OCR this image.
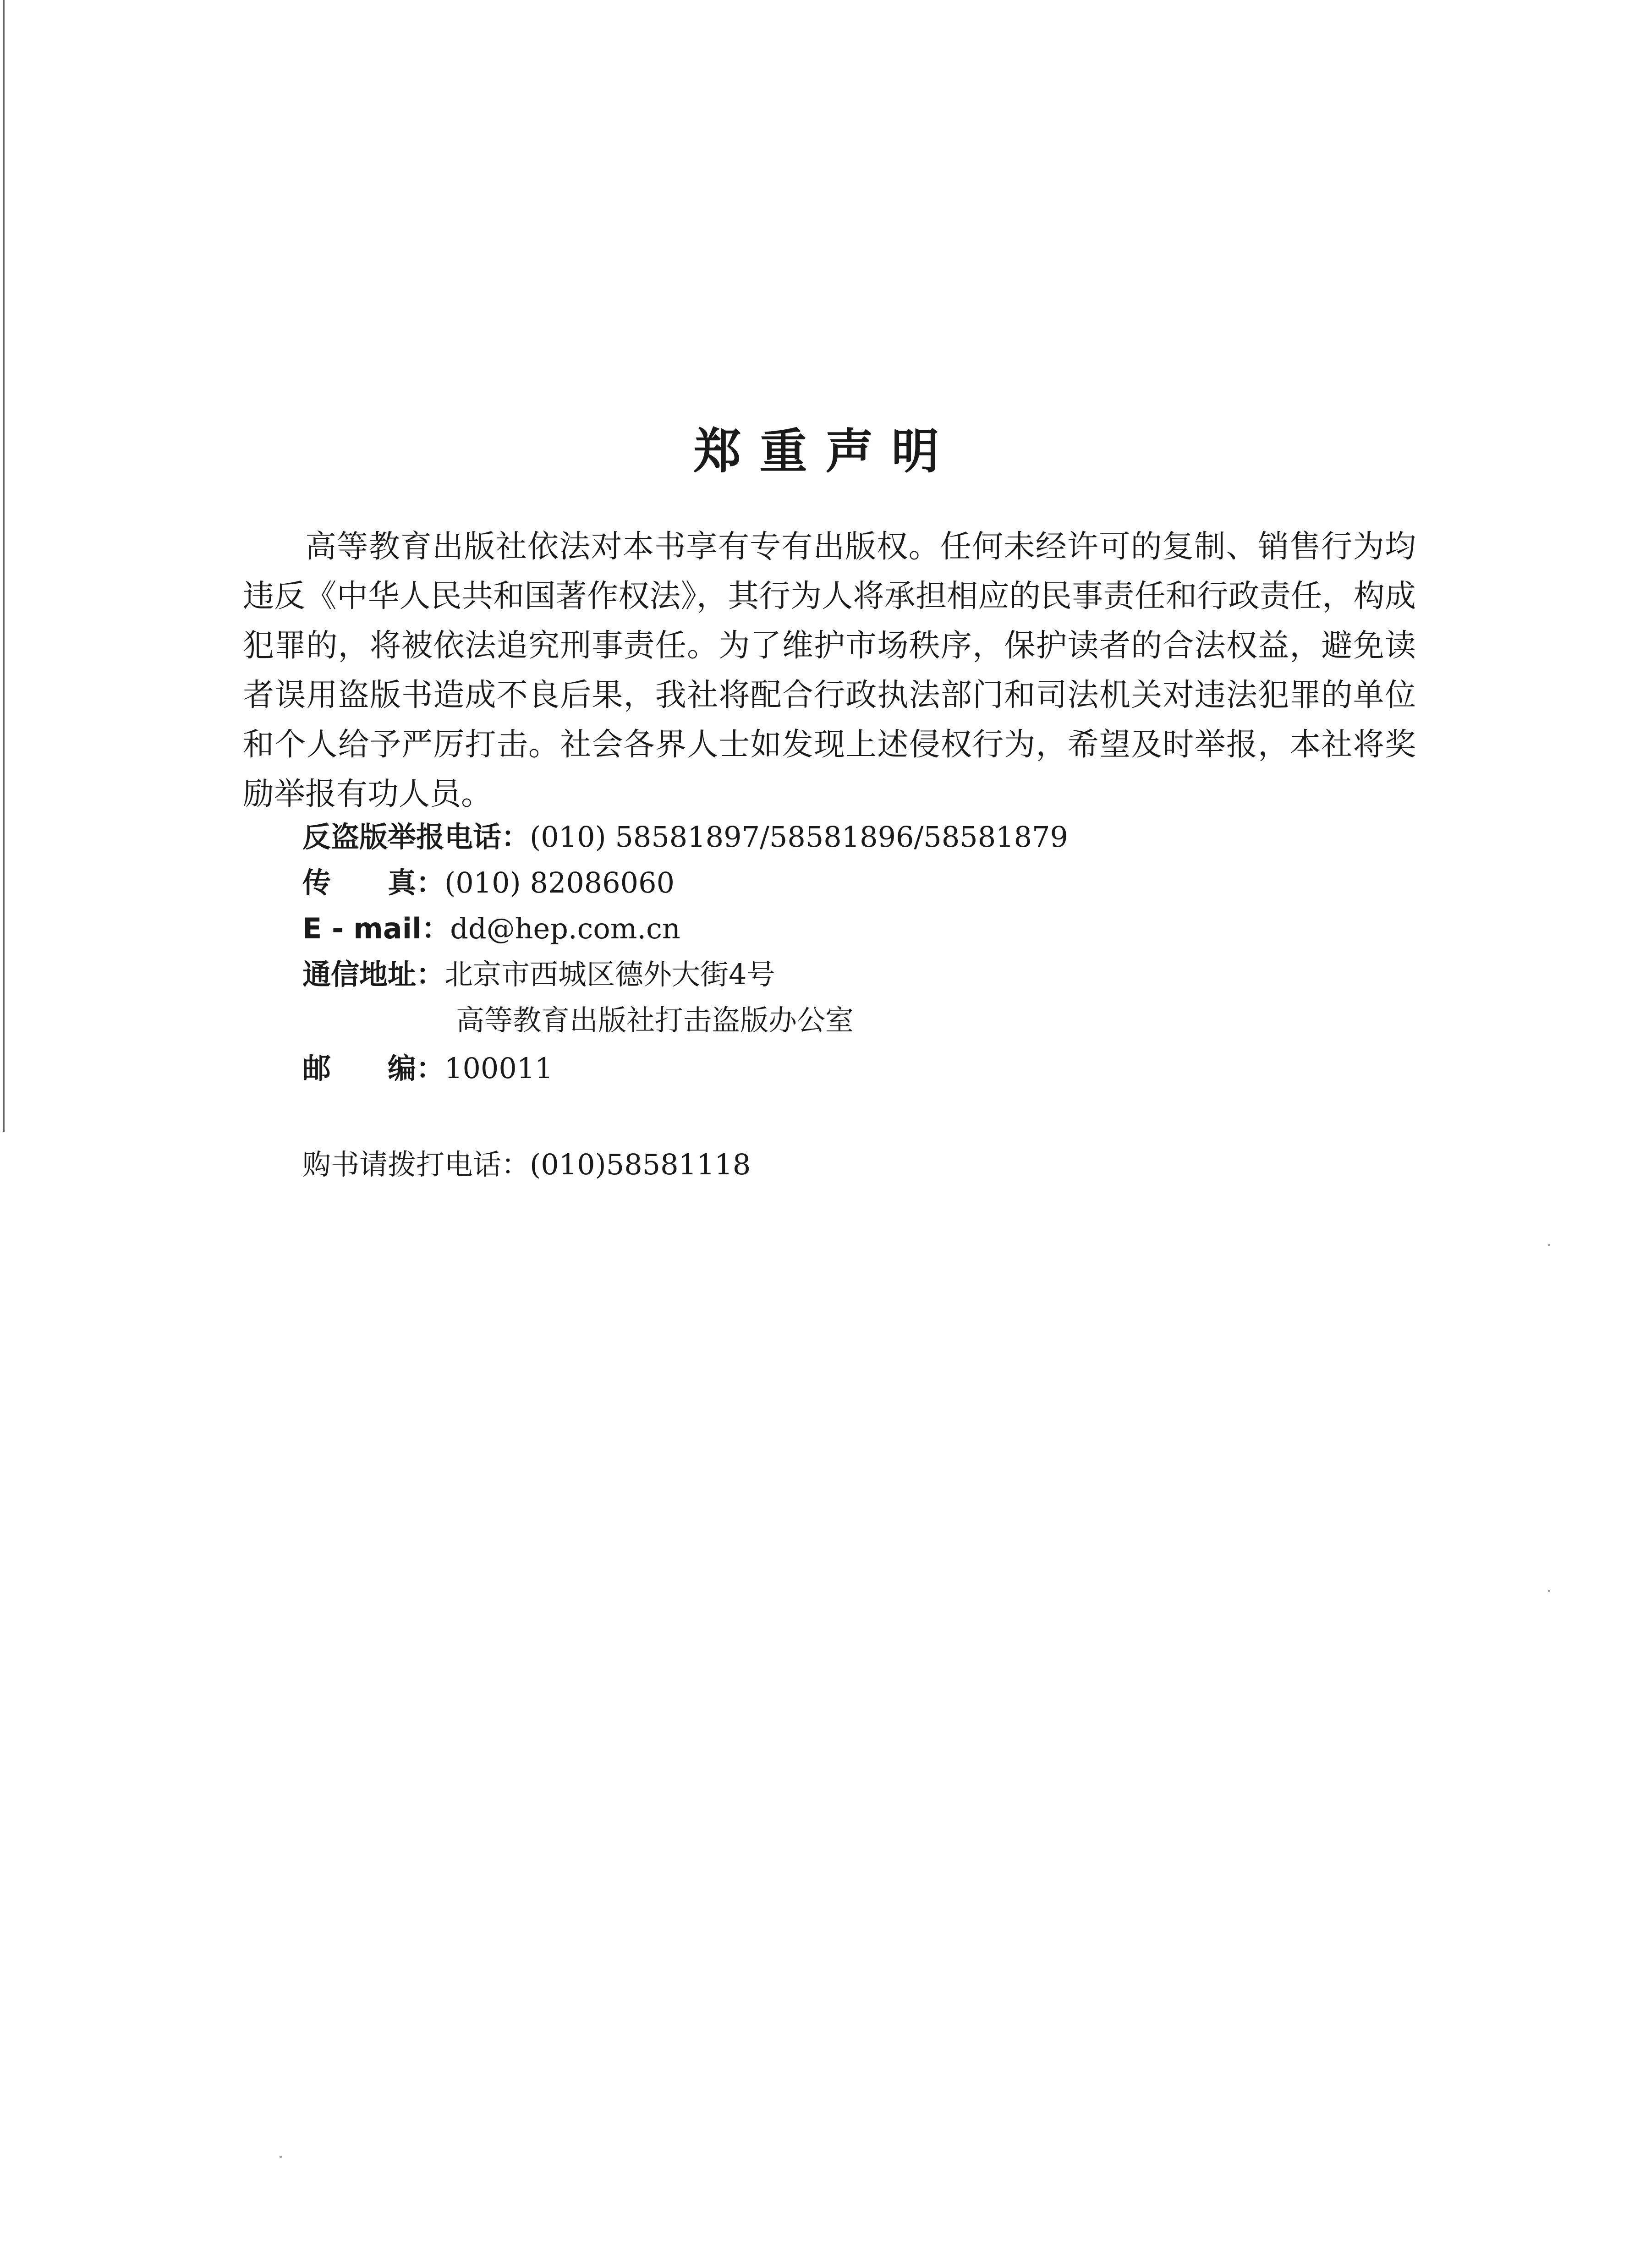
郑重声明

高等教育出版社依法对本书享有专有出版权。任何未经许可的复制、销售行为均违反《中华人民共和国著作权法》，其行为人将承担相应的民事责任和行政责任，构成犯罪的，将被依法追究刑事责任。为了维护市场秩序，保护读者的合法权益，避免读者误用盗版书造成不良后果，我社将配合行政执法部门和司法机关对违法犯罪的单位和个人给予严厉打击。社会各界人士如发现上述侵权行为，希望及时举报，本社将奖励举报有功人员。

反盗版举报电话：(010) 58581897/58581896/58581879
传　　真：(010) 82086060
E - mail：dd@hep.com.cn
通信地址：北京市西城区德外大街4号
高等教育出版社打击盗版办公室
邮　　编：100011
购书请拨打电话：(010)58581118
